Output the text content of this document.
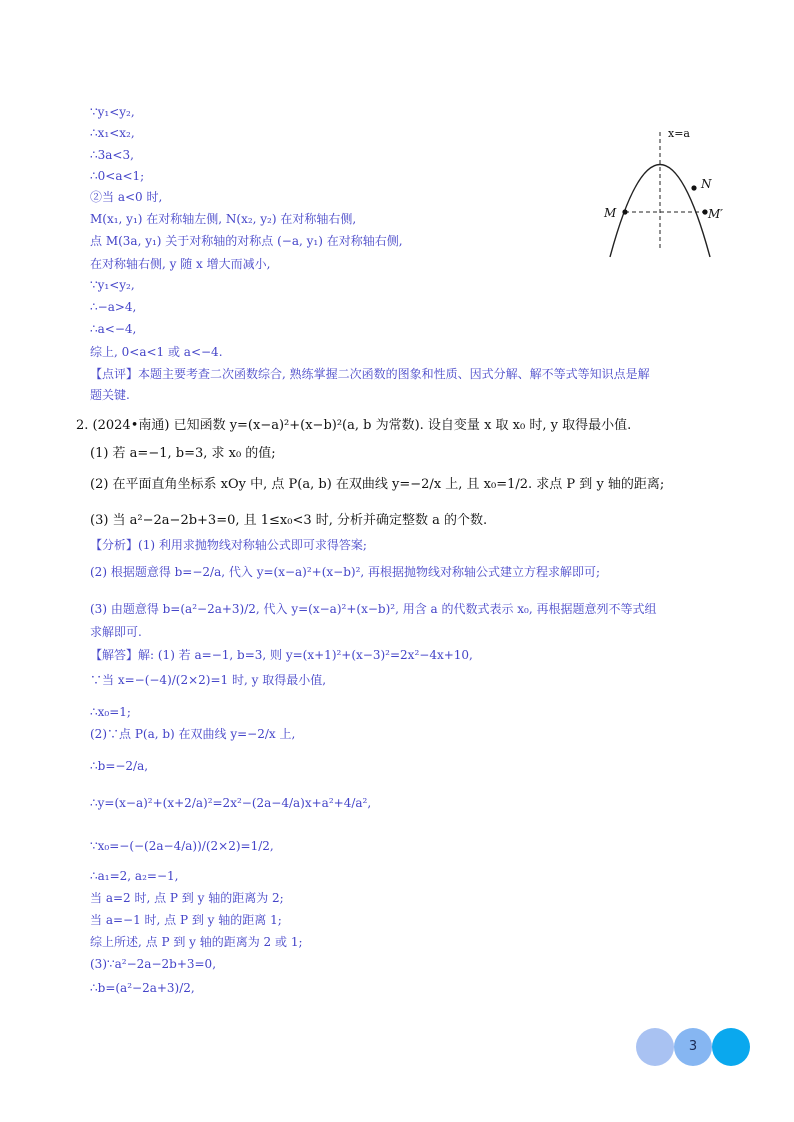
∵y₁<y₂,
∴x₁<x₂,
∴3a<3,
∴0<a<1;
②当 a<0 时,
M(x₁, y₁) 在对称轴左侧, N(x₂, y₂) 在对称轴右侧,
点 M(3a, y₁) 关于对称轴的对称点 (−a, y₁) 在对称轴右侧,
在对称轴右侧, y 随 x 增大而减小,
∵y₁<y₂,
∴−a>4,
∴a<−4,
综上, 0<a<1 或 a<−4.
【点评】本题主要考查二次函数综合, 熟练掌握二次函数的图象和性质、因式分解、解不等式等知识点是解
题关键.
x=a
N
M	M′
2. (2024•南通) 已知函数 y=(x−a)²+(x−b)²(a, b 为常数). 设自变量 x 取 x₀ 时, y 取得最小值.
(1) 若 a=−1, b=3, 求 x₀ 的值;
(2) 在平面直角坐标系 xOy 中, 点 P(a, b) 在双曲线 y=−2/x 上, 且 x₀=1/2. 求点 P 到 y 轴的距离;
(3) 当 a²−2a−2b+3=0, 且 1≤x₀<3 时, 分析并确定整数 a 的个数.
【分析】(1) 利用求抛物线对称轴公式即可求得答案;
(2) 根据题意得 b=−2/a, 代入 y=(x−a)²+(x−b)², 再根据抛物线对称轴公式建立方程求解即可;
(3) 由题意得 b=(a²−2a+3)/2, 代入 y=(x−a)²+(x−b)², 用含 a 的代数式表示 x₀, 再根据题意列不等式组
求解即可.
【解答】解: (1) 若 a=−1, b=3, 则 y=(x+1)²+(x−3)²=2x²−4x+10,
∵当 x=−(−4)/(2×2)=1 时, y 取得最小值,
∴x₀=1;
(2)∵点 P(a, b) 在双曲线 y=−2/x 上,
∴b=−2/a,
∴y=(x−a)²+(x+2/a)²=2x²−(2a−4/a)x+a²+4/a²,
∵x₀=−(−(2a−4/a))/(2×2)=1/2,
∴a₁=2, a₂=−1,
当 a=2 时, 点 P 到 y 轴的距离为 2;
当 a=−1 时, 点 P 到 y 轴的距离 1;
综上所述, 点 P 到 y 轴的距离为 2 或 1;
(3)∵a²−2a−2b+3=0,
∴b=(a²−2a+3)/2,
3
